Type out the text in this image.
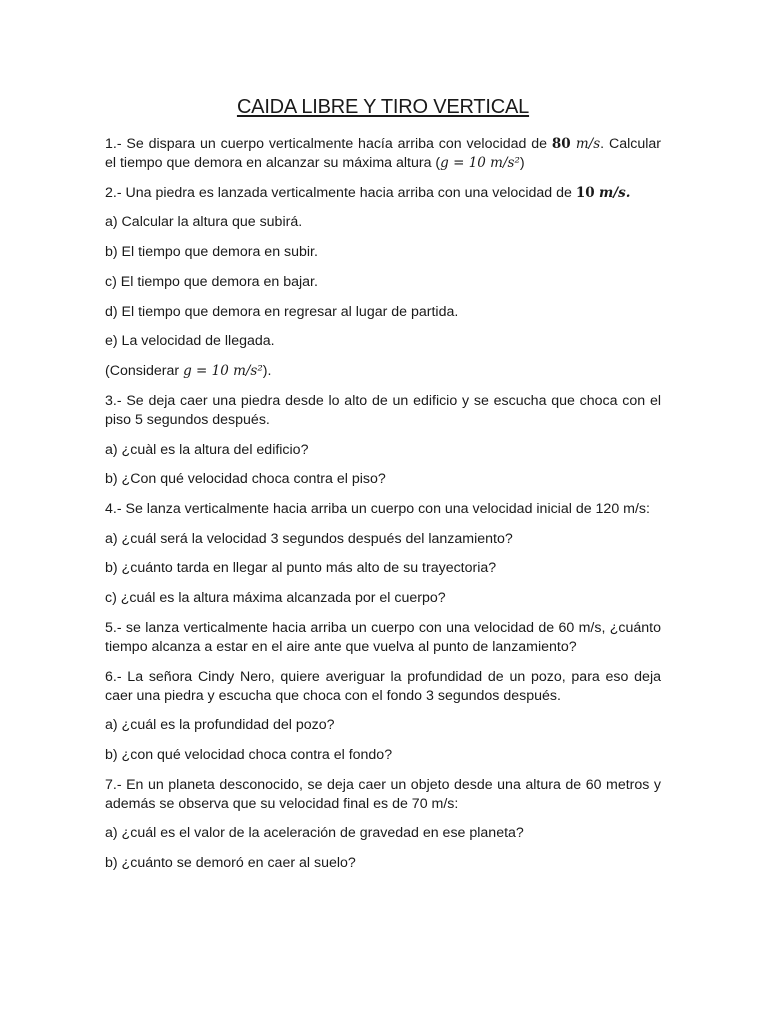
CAIDA LIBRE Y TIRO VERTICAL

1.- Se dispara un cuerpo verticalmente hacía arriba con velocidad de 80 m/s. Calcular el tiempo que demora en alcanzar su máxima altura (g = 10 m/s²)

2.- Una piedra es lanzada verticalmente hacia arriba con una velocidad de 10 m/s.

a) Calcular la altura que subirá.

b) El tiempo que demora en subir.

c) El tiempo que demora en bajar.

d) El tiempo que demora en regresar al lugar de partida.

e) La velocidad de llegada.

(Considerar g = 10 m/s²).

3.- Se deja caer una piedra desde lo alto de un edificio y se escucha que choca con el piso 5 segundos después.

a) ¿cuàl es la altura del edificio?

b) ¿Con qué velocidad choca contra el piso?

4.- Se lanza verticalmente hacia arriba un cuerpo con una velocidad inicial de 120 m/s:

a) ¿cuál será la velocidad 3 segundos después del lanzamiento?

b) ¿cuánto tarda en llegar al punto más alto de su trayectoria?

c) ¿cuál es la altura máxima alcanzada por el cuerpo?

5.- se lanza verticalmente hacia arriba un cuerpo con una velocidad de 60 m/s, ¿cuánto tiempo alcanza a estar en el aire ante que vuelva al punto de lanzamiento?

6.- La señora Cindy Nero, quiere averiguar la profundidad de un pozo, para eso deja caer una piedra y escucha que choca con el fondo 3 segundos después.

a) ¿cuál es la profundidad del pozo?

b) ¿con qué velocidad choca contra el fondo?

7.- En un planeta desconocido, se deja caer un objeto desde una altura de 60 metros y además se observa que su velocidad final es de 70 m/s:

a) ¿cuál es el valor de la aceleración de gravedad en ese planeta?

b) ¿cuánto se demoró en caer al suelo?
